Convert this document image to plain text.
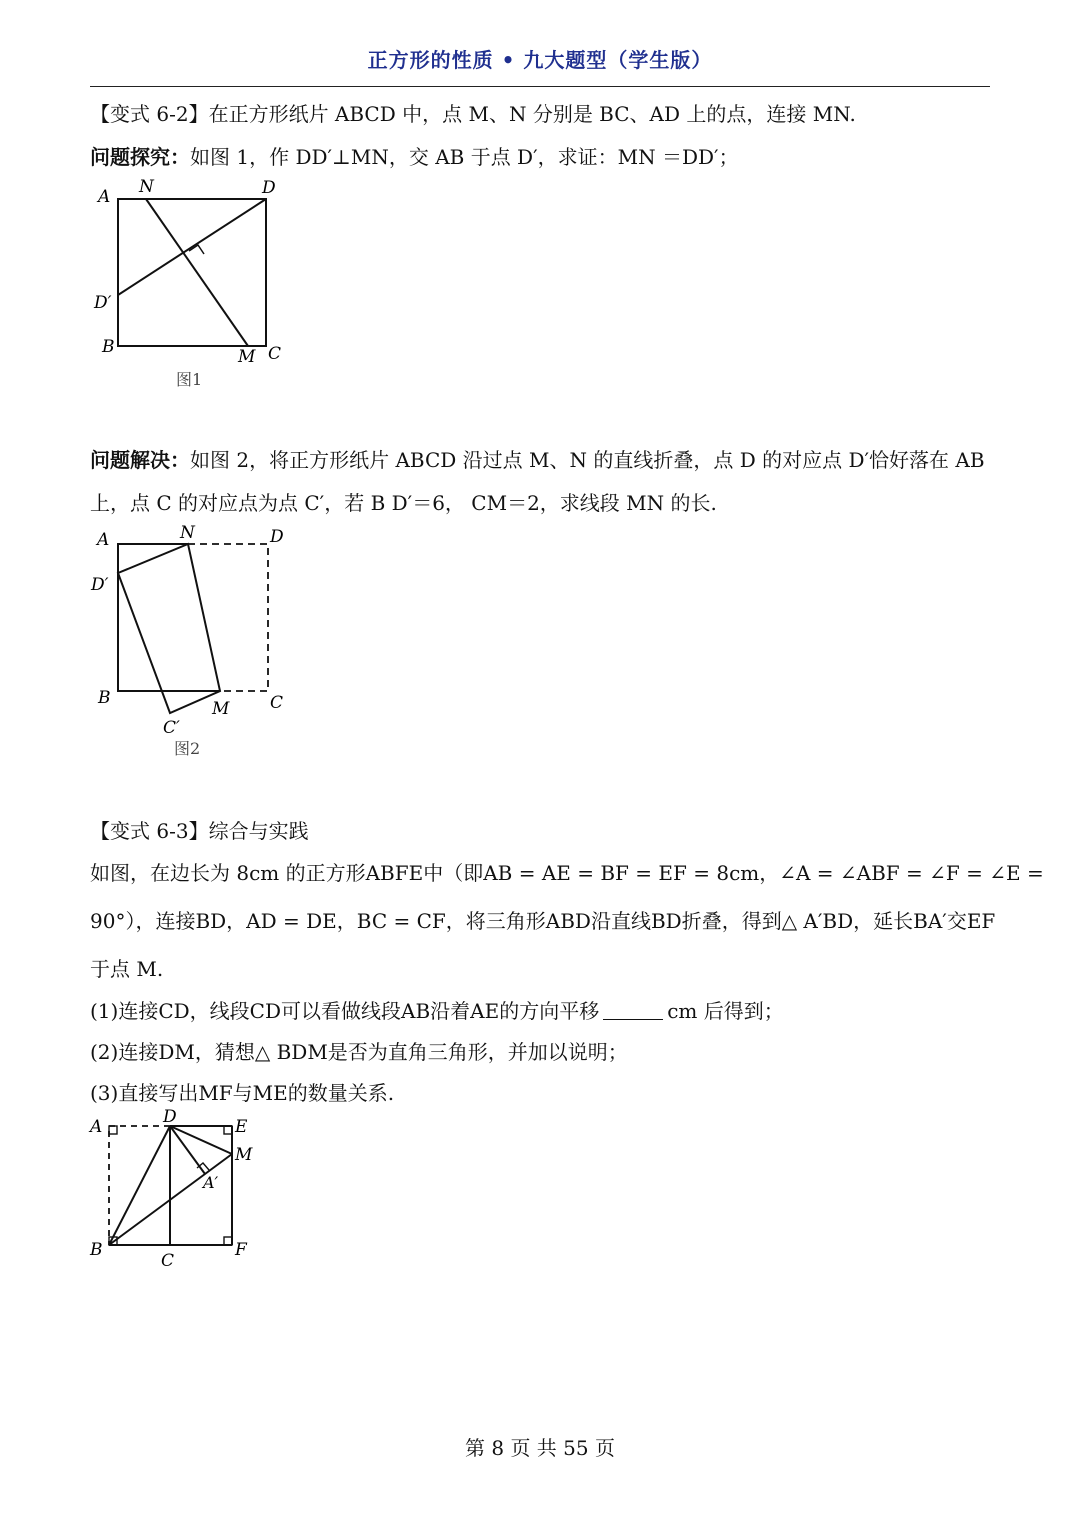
正方形的性质 • 九大题型（学生版）
【变式 6-2】在正方形纸片 ABCD 中，点 M、N 分别是 BC、AD 上的点，连接 MN.
问题探究：如图 1，作 DD′⊥MN，交 AB 于点 D′，求证：MN ＝DD′；
A N	D
D′
B	M C
图1
问题解决：如图 2，将正方形纸片 ABCD 沿过点 M、N 的直线折叠，点 D 的对应点 D′恰好落在 AB
上，点 C 的对应点为点 C′，若 B D′＝6， CM＝2，求线段 MN 的长.
A	N	D
D′
B
C′
M C
图2
【变式 6-3】综合与实践
如图，在边长为 8cm 的正方形ABFE中（即AB = AE = BF = EF = 8cm，∠A = ∠ABF = ∠F = ∠E =
90°），连接BD，AD = DE，BC = CF，将三角形ABD沿直线BD折叠，得到△ A′BD，延长BA′交EF
于点 M.
(1)连接CD，线段CD可以看做线段AB沿着AE的方向平移	cm 后得到；
(2)连接DM，猜想△ BDM是否为直角三角形，并加以说明；
(3)直接写出MF与ME的数量关系.
A	D	E
M
A′
B
C
F
第 8 页 共 55 页
